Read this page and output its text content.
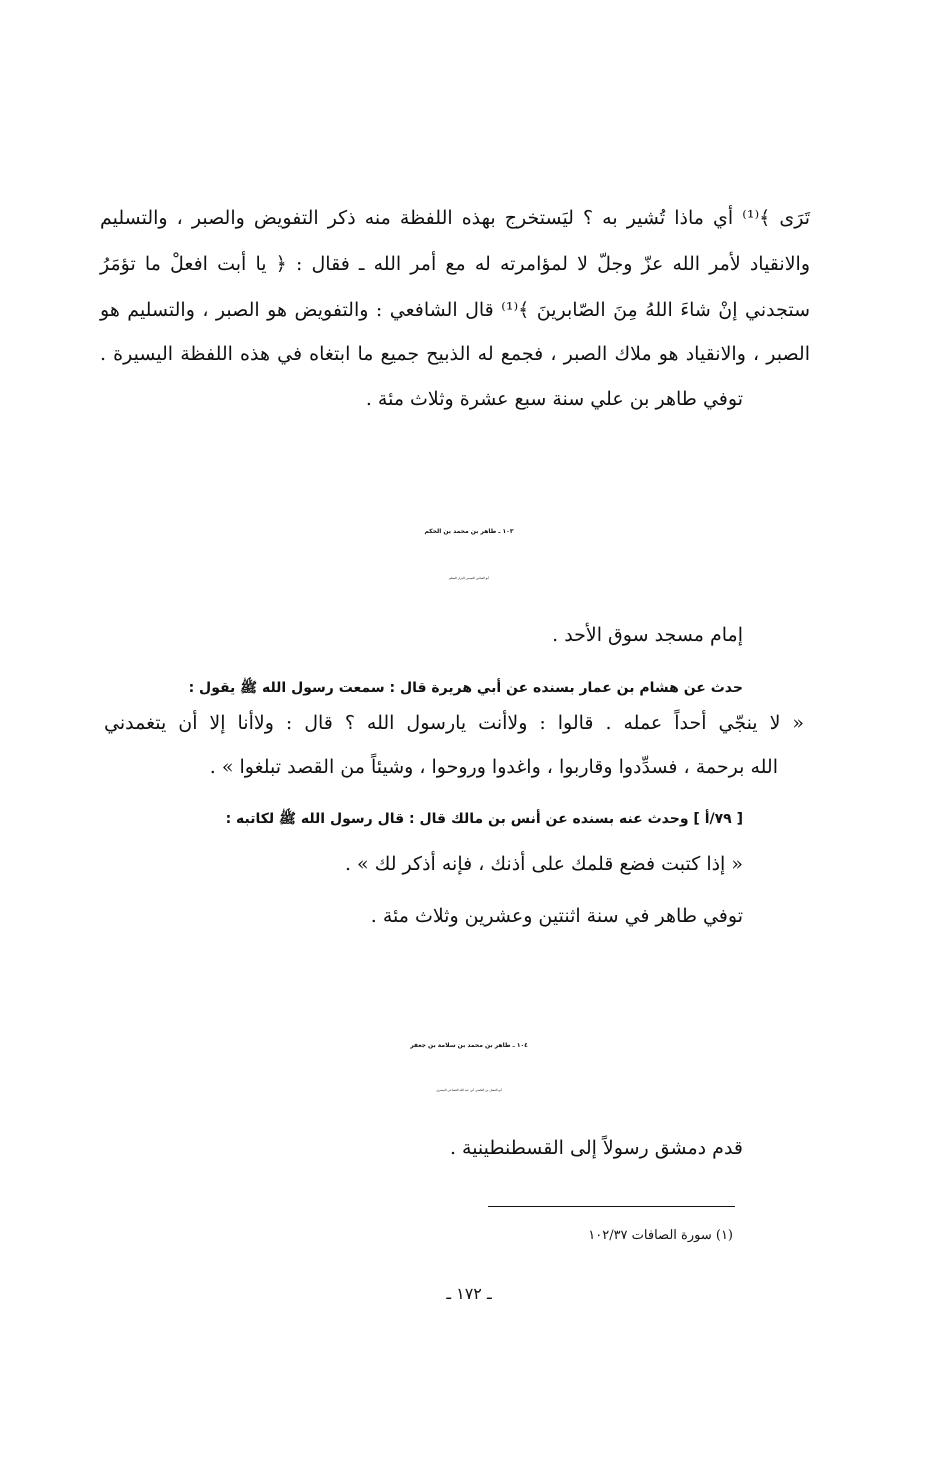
تَرَى ﴾⁽¹⁾ أي ماذا تُشير به ؟ ليَستخرج بهذه اللفظة منه ذكر التفويض والصبر ، والتسليم
والانقياد لأمر الله عزّ وجلّ لا لمؤامرته له مع أمر الله ـ فقال : ﴿ يا أبت افعلْ ما تؤمَرُ
ستجدني إنْ شاءَ اللهُ مِنَ الصّابرينَ ﴾⁽¹⁾ قال الشافعي : والتفويض هو الصبر ، والتسليم هو
الصبر ، والانقياد هو ملاك الصبر ، فجمع له الذبيح جميع ما ابتغاه في هذه اللفظة اليسيرة .
توفي طاهر بن علي سنة سبع عشرة وثلاث مئة .
١٠٣ ـ طاهر بن محمد بن الحكم
أبو العباس التميمي البزار المعلم
إمام مسجد سوق الأحد .
حدث عن هشام بن عمار بسنده عن أبي هريرة قال : سمعت رسول الله ﷺ يقول :
« لا ينجّي أحداً عمله . قالوا : ولاأنت يارسول الله ؟ قال : ولاأنا إلا أن يتغمدني
الله برحمة ، فسدِّدوا وقاربوا ، واغدوا وروحوا ، وشيئاً من القصد تبلغوا » .
[ ٧٩/أ ] وحدث عنه بسنده عن أنس بن مالك قال : قال رسول الله ﷺ لكاتبه :
« إذا كتبت فضع قلمك على أذنك ، فإنه أذكر لك » .
توفي طاهر في سنة اثنتين وعشرين وثلاث مئة .
١٠٤ ـ طاهر بن محمد بن سلامة بن جعفر
أبو الفضل بن القاضي أبي عبد الله القضاعي المصري
قدم دمشق رسولاً إلى القسطنطينية .
(١) سورة الصافات ١٠٢/٣٧
ـ ١٧٢ ـ
